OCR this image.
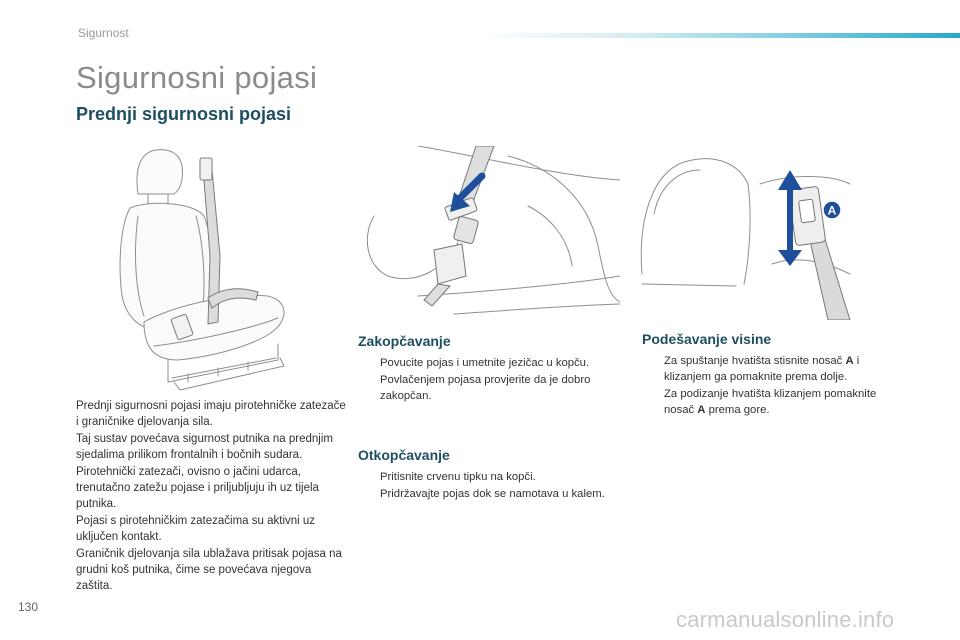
Sigurnost
Sigurnosni pojasi
Prednji sigurnosni pojasi
A

Prednji sigurnosni pojasi imaju pirotehničke zatezače i graničnike djelovanja sila.

Taj sustav povećava sigurnost putnika na prednjim sjedalima prilikom frontalnih i bočnih sudara. Pirotehnički zatezači, ovisno o jačini udarca, trenutačno zatežu pojase i priljubljuju ih uz tijela putnika.

Pojasi s pirotehničkim zatezačima su aktivni uz uključen kontakt.

Graničnik djelovanja sila ublažava pritisak pojasa na grudni koš putnika, čime se povećava njegova zaštita.

Zakopčavanje
Povucite pojas i umetnite jezičac u kopču.
Povlačenjem pojasa provjerite da je dobro zakopčan.
Otkopčavanje
Pritisnite crvenu tipku na kopči.
Pridržavajte pojas dok se namotava u kalem.
Podešavanje visine
Za spuštanje hvatišta stisnite nosač A i klizanjem ga pomaknite prema dolje.
Za podizanje hvatišta klizanjem pomaknite nosač A prema gore.
130	carmanualsonline.info
